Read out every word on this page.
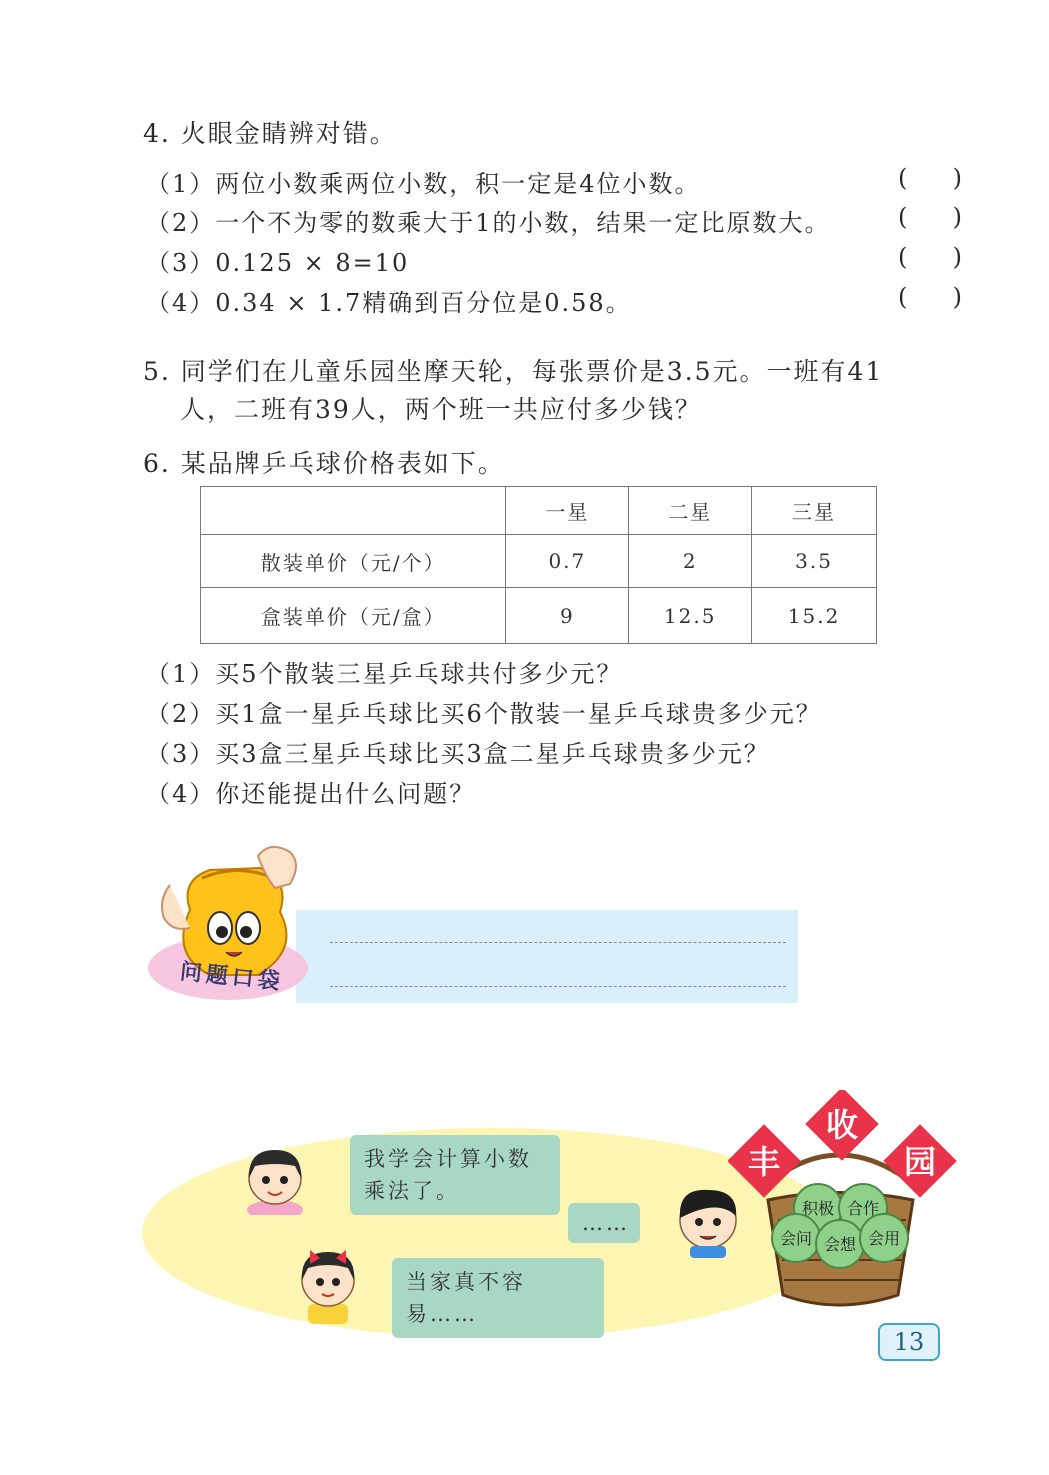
4. 火眼金睛辨对错。
（1）两位小数乘两位小数，积一定是4位小数。	( )
（2）一个不为零的数乘大于1的小数，结果一定比原数大。	( )
（3）0.125 × 8=10	( )
（4）0.34 × 1.7精确到百分位是0.58。	( )
5. 同学们在儿童乐园坐摩天轮，每张票价是3.5元。一班有41
人，二班有39人，两个班一共应付多少钱？
6. 某品牌乒乓球价格表如下。
	一星	二星	三星
散装单价（元/个）	0.7	2	3.5
盒装单价（元/盒）	9	12.5	15.2
（1）买5个散装三星乒乓球共付多少元？
（2）买1盒一星乒乓球比买6个散装一星乒乓球贵多少元？
（3）买3盒三星乒乓球比买3盒二星乒乓球贵多少元？
（4）你还能提出什么问题？
问题口袋
我学会计算小数乘法了。
……
当家真不容易……
积极 合作
会问 会想 会用
丰
收
园
13
